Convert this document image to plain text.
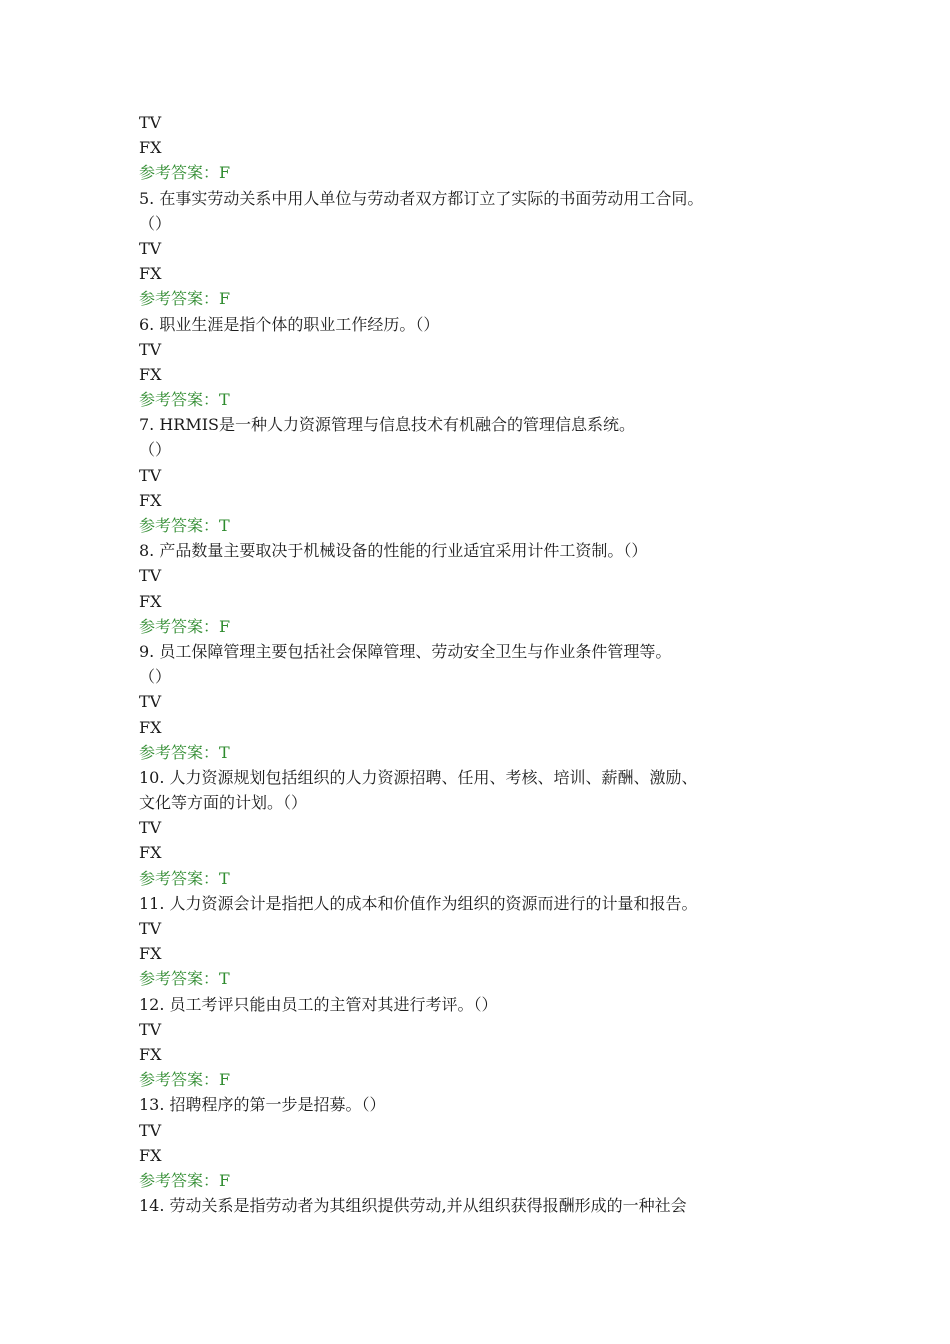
TV
FX
参考答案：F
5. 在事实劳动关系中用人单位与劳动者双方都订立了实际的书面劳动用工合同。
（）
TV
FX
参考答案：F
6. 职业生涯是指个体的职业工作经历。（）
TV
FX
参考答案：T
7. HRMIS是一种人力资源管理与信息技术有机融合的管理信息系统。
（）
TV
FX
参考答案：T
8. 产品数量主要取决于机械设备的性能的行业适宜采用计件工资制。（）
TV
FX
参考答案：F
9. 员工保障管理主要包括社会保障管理、劳动安全卫生与作业条件管理等。
（）
TV
FX
参考答案：T
10. 人力资源规划包括组织的人力资源招聘、任用、考核、培训、薪酬、激励、
文化等方面的计划。（）
TV
FX
参考答案：T
11. 人力资源会计是指把人的成本和价值作为组织的资源而进行的计量和报告。
TV
FX
参考答案：T
12. 员工考评只能由员工的主管对其进行考评。（）
TV
FX
参考答案：F
13. 招聘程序的第一步是招募。（）
TV
FX
参考答案：F
14. 劳动关系是指劳动者为其组织提供劳动,并从组织获得报酬形成的一种社会
